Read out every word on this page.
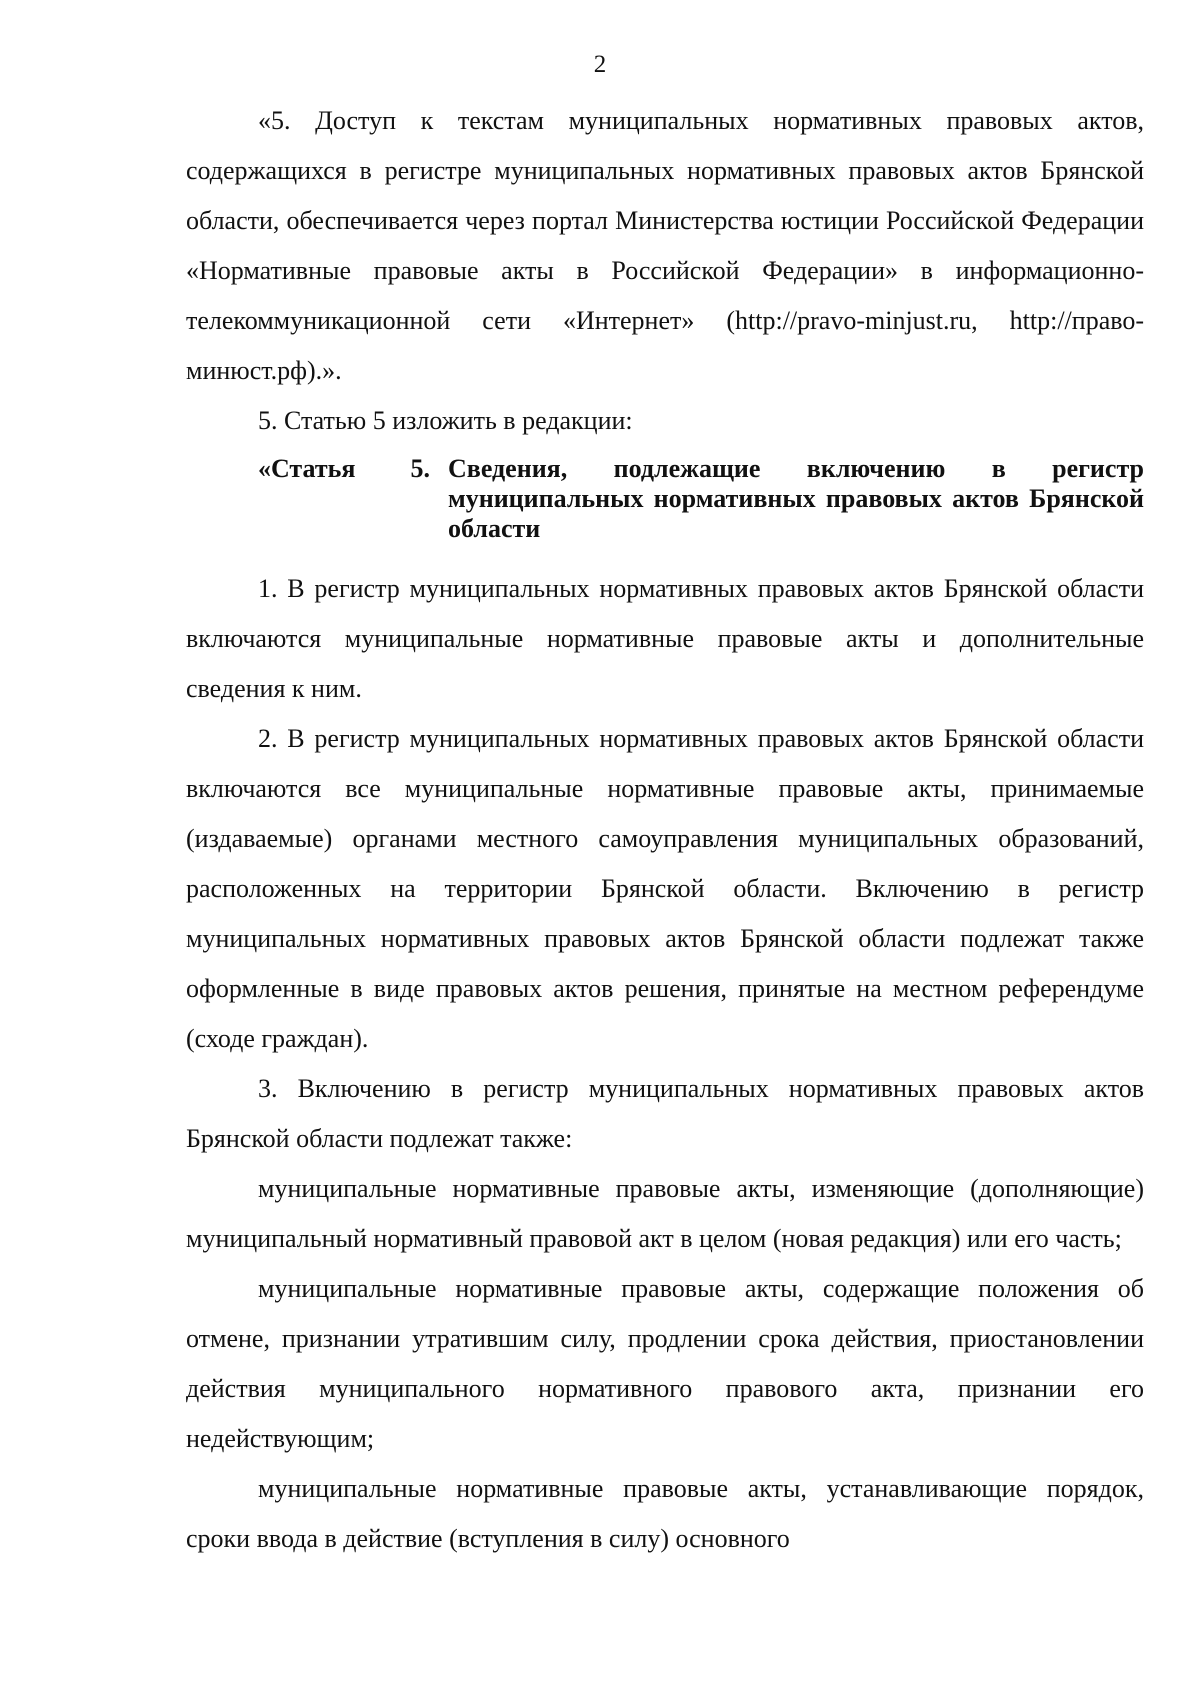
2

«5. Доступ к текстам муниципальных нормативных правовых актов, содержащихся в регистре муниципальных нормативных правовых актов Брянской области, обеспечивается через портал Министерства юстиции Российской Федерации «Нормативные правовые акты в Российской Федерации» в информационно-телекоммуникационной сети «Интернет» (http://pravo-minjust.ru, http://право-минюст.рф).».

5. Статью 5 изложить в редакции:

«Статья 5. Сведения, подлежащие включению в регистр муниципальных нормативных правовых актов Брянской области

1. В регистр муниципальных нормативных правовых актов Брянской области включаются муниципальные нормативные правовые акты и дополнительные сведения к ним.

2. В регистр муниципальных нормативных правовых актов Брянской области включаются все муниципальные нормативные правовые акты, принимаемые (издаваемые) органами местного самоуправления муниципальных образований, расположенных на территории Брянской области. Включению в регистр муниципальных нормативных правовых актов Брянской области подлежат также оформленные в виде правовых актов решения, принятые на местном референдуме (сходе граждан).

3. Включению в регистр муниципальных нормативных правовых актов Брянской области подлежат также:

муниципальные нормативные правовые акты, изменяющие (дополняющие) муниципальный нормативный правовой акт в целом (новая редакция) или его часть;

муниципальные нормативные правовые акты, содержащие положения об отмене, признании утратившим силу, продлении срока действия, приостановлении действия муниципального нормативного правового акта, признании его недействующим;

муниципальные нормативные правовые акты, устанавливающие порядок, сроки ввода в действие (вступления в силу) основного
